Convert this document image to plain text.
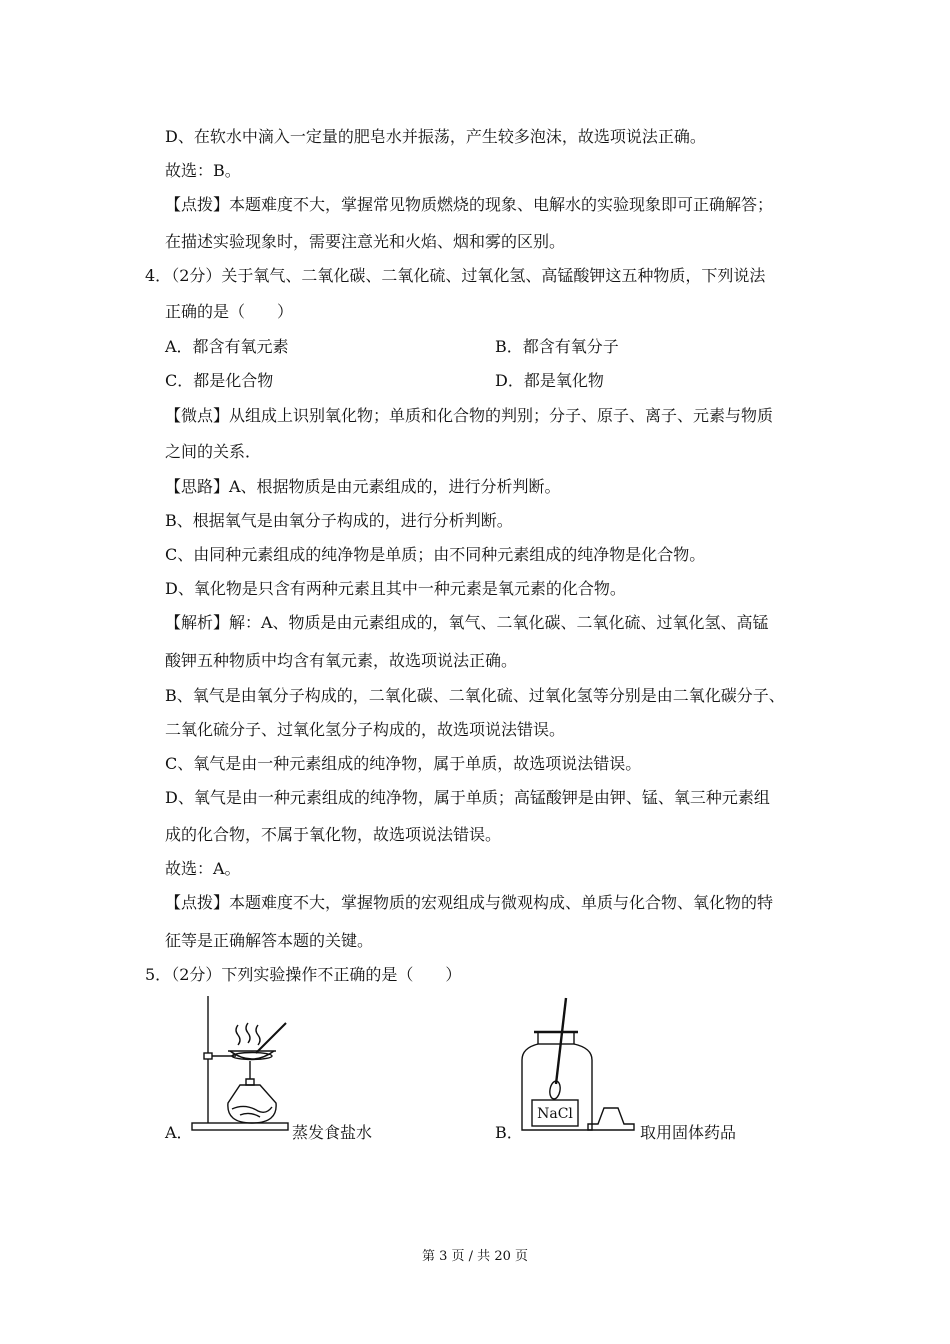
D、在软水中滴入一定量的肥皂水并振荡，产生较多泡沫，故选项说法正确。
故选：B。
【点拨】本题难度不大，掌握常见物质燃烧的现象、电解水的实验现象即可正确解答；
在描述实验现象时，需要注意光和火焰、烟和雾的区别。
4．（2分）关于氧气、二氧化碳、二氧化硫、过氧化氢、高锰酸钾这五种物质，下列说法
正确的是（　　）
A．都含有氧元素	B．都含有氧分子
C．都是化合物	D．都是氧化物
【微点】从组成上识别氧化物；单质和化合物的判别；分子、原子、离子、元素与物质
之间的关系．
【思路】A、根据物质是由元素组成的，进行分析判断。
B、根据氧气是由氧分子构成的，进行分析判断。
C、由同种元素组成的纯净物是单质；由不同种元素组成的纯净物是化合物。
D、氧化物是只含有两种元素且其中一种元素是氧元素的化合物。
【解析】解：A、物质是由元素组成的，氧气、二氧化碳、二氧化硫、过氧化氢、高锰
酸钾五种物质中均含有氧元素，故选项说法正确。
B、氧气是由氧分子构成的，二氧化碳、二氧化硫、过氧化氢等分别是由二氧化碳分子、
二氧化硫分子、过氧化氢分子构成的，故选项说法错误。
C、氧气是由一种元素组成的纯净物，属于单质，故选项说法错误。
D、氧气是由一种元素组成的纯净物，属于单质；高锰酸钾是由钾、锰、氧三种元素组
成的化合物，不属于氧化物，故选项说法错误。
故选：A。
【点拨】本题难度不大，掌握物质的宏观组成与微观构成、单质与化合物、氧化物的特
征等是正确解答本题的关键。
5．（2分）下列实验操作不正确的是（　　）
A．	蒸发食盐水	B．
NaCl
取用固体药品
第 3 页 / 共 20 页
